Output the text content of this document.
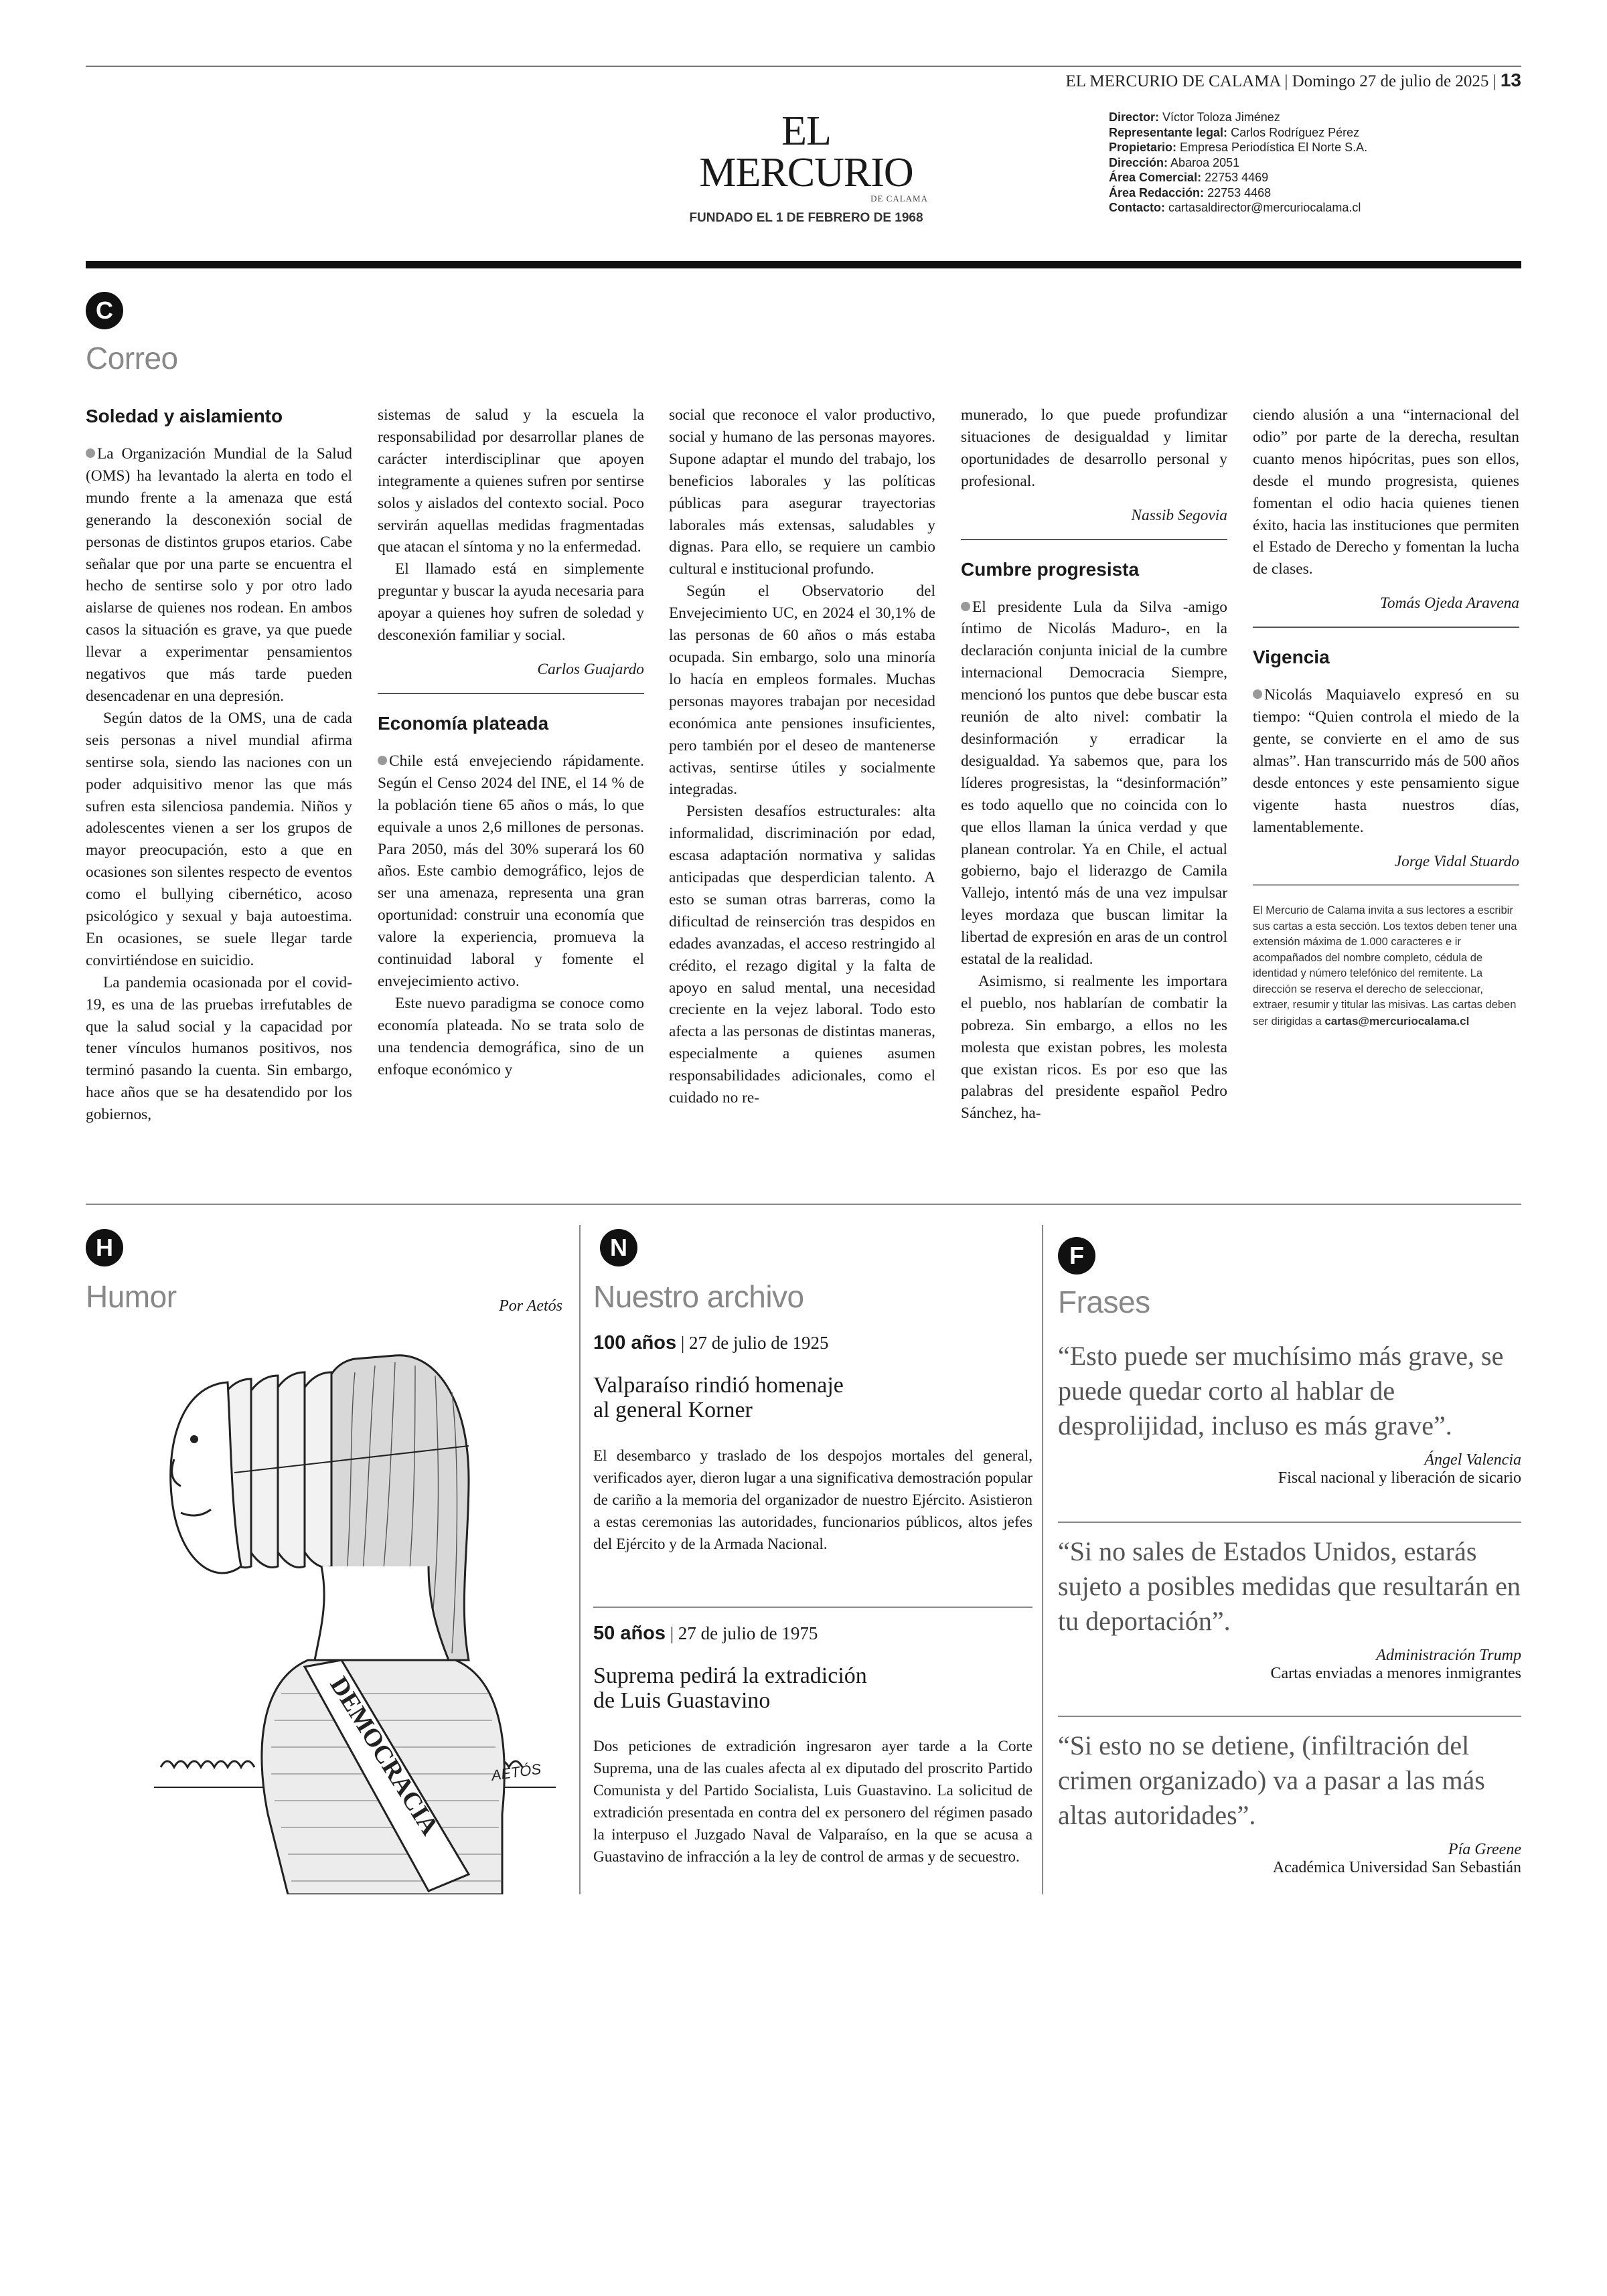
EL MERCURIO DE CALAMA | Domingo 27 de julio de 2025 | 13
EL MERCURIO
DE CALAMA
FUNDADO EL 1 DE FEBRERO DE 1968
Director: Víctor Toloza Jiménez
Representante legal: Carlos Rodríguez Pérez
Propietario: Empresa Periodística El Norte S.A.
Dirección: Abaroa 2051
Área Comercial: 22753 4469
Área Redacción: 22753 4468
Contacto: cartasaldirector@mercuriocalama.cl
C
Correo
Soledad y aislamiento

La Organización Mundial de la Salud (OMS) ha levantado la alerta en todo el mundo frente a la amenaza que está generando la desconexión social de personas de distintos grupos etarios. Cabe señalar que por una parte se encuentra el hecho de sentirse solo y por otro lado aislarse de quienes nos rodean. En ambos casos la situación es grave, ya que puede llevar a experimentar pensamientos negativos que más tarde pueden desencadenar en una depresión.

Según datos de la OMS, una de cada seis personas a nivel mundial afirma sentirse sola, siendo las naciones con un poder adquisitivo menor las que más sufren esta silenciosa pandemia. Niños y adolescentes vienen a ser los grupos de mayor preocupación, esto a que en ocasiones son silentes respecto de eventos como el bullying cibernético, acoso psicológico y sexual y baja autoestima. En ocasiones, se suele llegar tarde convirtiéndose en suicidio.

La pandemia ocasionada por el covid-19, es una de las pruebas irrefutables de que la salud social y la capacidad por tener vínculos humanos positivos, nos terminó pasando la cuenta. Sin embargo, hace años que se ha desatendido por los gobiernos,

sistemas de salud y la escuela la responsabilidad por desarrollar planes de carácter interdisciplinar que apoyen integramente a quienes sufren por sentirse solos y aislados del contexto social. Poco servirán aquellas medidas fragmentadas que atacan el síntoma y no la enfermedad.

El llamado está en simplemente preguntar y buscar la ayuda necesaria para apoyar a quienes hoy sufren de soledad y desconexión familiar y social.

Carlos Guajardo
Economía plateada

Chile está envejeciendo rápidamente. Según el Censo 2024 del INE, el 14 % de la población tiene 65 años o más, lo que equivale a unos 2,6 millones de personas. Para 2050, más del 30% superará los 60 años. Este cambio demográfico, lejos de ser una amenaza, representa una gran oportunidad: construir una economía que valore la experiencia, promueva la continuidad laboral y fomente el envejecimiento activo.

Este nuevo paradigma se conoce como economía plateada. No se trata solo de una tendencia demográfica, sino de un enfoque económico y

social que reconoce el valor productivo, social y humano de las personas mayores. Supone adaptar el mundo del trabajo, los beneficios laborales y las políticas públicas para asegurar trayectorias laborales más extensas, saludables y dignas. Para ello, se requiere un cambio cultural e institucional profundo.

Según el Observatorio del Envejecimiento UC, en 2024 el 30,1% de las personas de 60 años o más estaba ocupada. Sin embargo, solo una minoría lo hacía en empleos formales. Muchas personas mayores trabajan por necesidad económica ante pensiones insuficientes, pero también por el deseo de mantenerse activas, sentirse útiles y socialmente integradas.

Persisten desafíos estructurales: alta informalidad, discriminación por edad, escasa adaptación normativa y salidas anticipadas que desperdician talento. A esto se suman otras barreras, como la dificultad de reinserción tras despidos en edades avanzadas, el acceso restringido al crédito, el rezago digital y la falta de apoyo en salud mental, una necesidad creciente en la vejez laboral. Todo esto afecta a las personas de distintas maneras, especialmente a quienes asumen responsabilidades adicionales, como el cuidado no re-

munerado, lo que puede profundizar situaciones de desigualdad y limitar oportunidades de desarrollo personal y profesional.

Nassib Segovia
Cumbre progresista

El presidente Lula da Silva -amigo íntimo de Nicolás Maduro-, en la declaración conjunta inicial de la cumbre internacional Democracia Siempre, mencionó los puntos que debe buscar esta reunión de alto nivel: combatir la desinformación y erradicar la desigualdad. Ya sabemos que, para los líderes progresistas, la “desinformación” es todo aquello que no coincida con lo que ellos llaman la única verdad y que planean controlar. Ya en Chile, el actual gobierno, bajo el liderazgo de Camila Vallejo, intentó más de una vez impulsar leyes mordaza que buscan limitar la libertad de expresión en aras de un control estatal de la realidad.

Asimismo, si realmente les importara el pueblo, nos hablarían de combatir la pobreza. Sin embargo, a ellos no les molesta que existan pobres, les molesta que existan ricos. Es por eso que las palabras del presidente español Pedro Sánchez, ha-

ciendo alusión a una “internacional del odio” por parte de la derecha, resultan cuanto menos hipócritas, pues son ellos, desde el mundo progresista, quienes fomentan el odio hacia quienes tienen éxito, hacia las instituciones que permiten el Estado de Derecho y fomentan la lucha de clases.

Tomás Ojeda Aravena
Vigencia

Nicolás Maquiavelo expresó en su tiempo: “Quien controla el miedo de la gente, se convierte en el amo de sus almas”. Han transcurrido más de 500 años desde entonces y este pensamiento sigue vigente hasta nuestros días, lamentablemente.

Jorge Vidal Stuardo
El Mercurio de Calama invita a sus lectores a escribir sus cartas a esta sección. Los textos deben tener una extensión máxima de 1.000 caracteres e ir acompañados del nombre completo, cédula de identidad y número telefónico del remitente. La dirección se reserva el derecho de seleccionar, extraer, resumir y titular las misivas. Las cartas deben ser dirigidas a cartas@mercuriocalama.cl
H
Humor	Por Aetós
DEMOCRACIA	AETÓS
N
Nuestro archivo
100 años | 27 de julio de 1925
Valparaíso rindió homenaje
al general Korner
El desembarco y traslado de los despojos mortales del general, verificados ayer, dieron lugar a una significativa demostración popular de cariño a la memoria del organizador de nuestro Ejército. Asistieron a estas ceremonias las autoridades, funcionarios públicos, altos jefes del Ejército y de la Armada Nacional.
50 años | 27 de julio de 1975
Suprema pedirá la extradición
de Luis Guastavino
Dos peticiones de extradición ingresaron ayer tarde a la Corte Suprema, una de las cuales afecta al ex diputado del proscrito Partido Comunista y del Partido Socialista, Luis Guastavino. La solicitud de extradición presentada en contra del ex personero del régimen pasado la interpuso el Juzgado Naval de Valparaíso, en la que se acusa a Guastavino de infracción a la ley de control de armas y de secuestro.
F
Frases
“Esto puede ser muchísimo más grave, se puede quedar corto al hablar de desprolijidad, incluso es más grave”.
Ángel Valencia
Fiscal nacional y liberación de sicario
“Si no sales de Estados Unidos, estarás sujeto a posibles medidas que resultarán en tu deportación”.
Administración Trump
Cartas enviadas a menores inmigrantes
“Si esto no se detiene, (infiltración del crimen organizado) va a pasar a las más altas autoridades”.
Pía Greene
Académica Universidad San Sebastián
